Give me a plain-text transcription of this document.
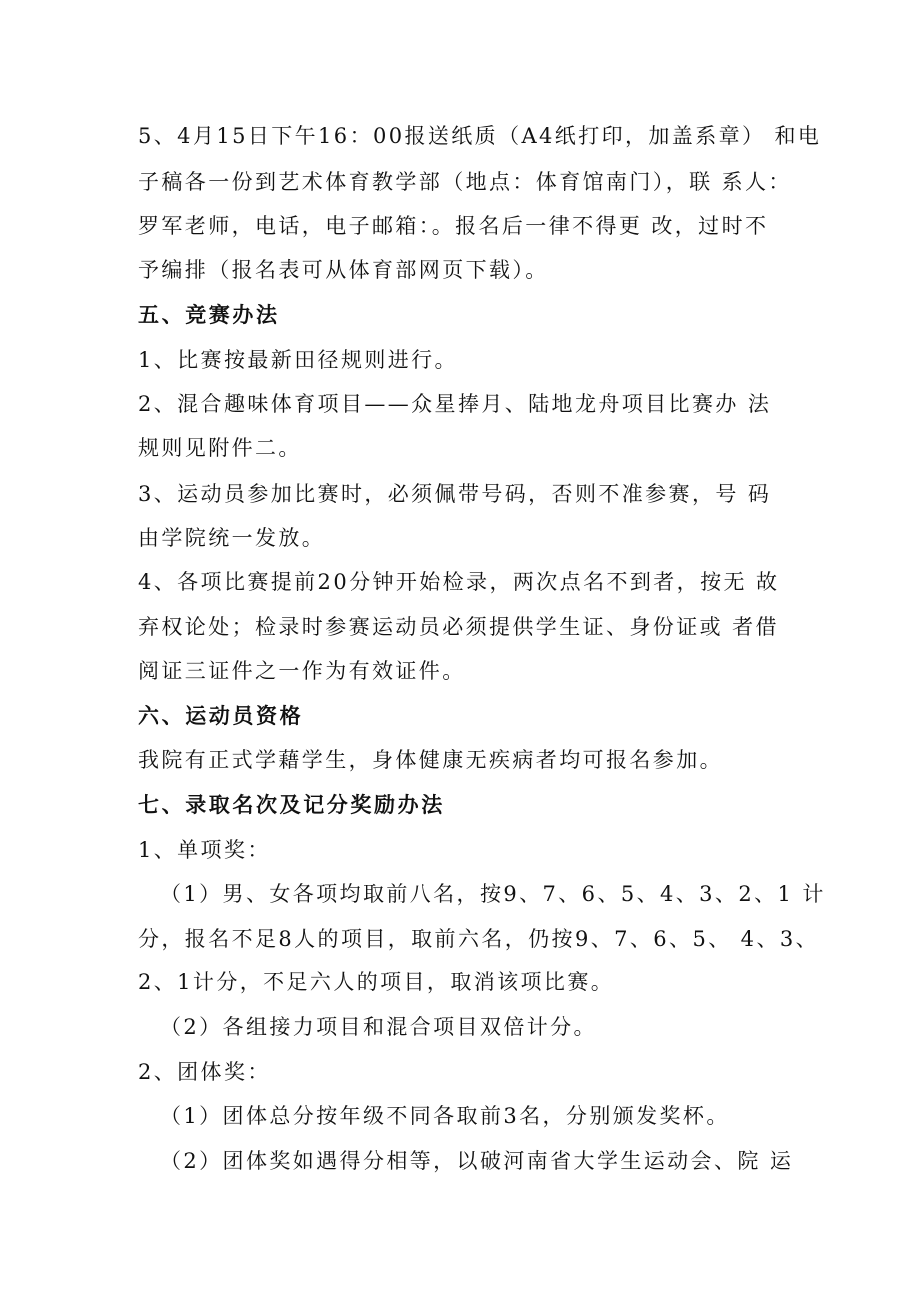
5、4月15日下午16：00报送纸质（A4纸打印，加盖系章） 和电
子稿各一份到艺术体育教学部（地点：体育馆南门），联 系人：
罗军老师，电话，电子邮箱：。报名后一律不得更 改，过时不
予编排（报名表可从体育部网页下载）。
五、竞赛办法
1、比赛按最新田径规则进行。
2、混合趣味体育项目——众星捧月、陆地龙舟项目比赛办 法
规则见附件二。
3、运动员参加比赛时，必须佩带号码，否则不准参赛，号 码
由学院统一发放。
4、各项比赛提前20分钟开始检录，两次点名不到者，按无 故
弃权论处；检录时参赛运动员必须提供学生证、身份证或 者借
阅证三证件之一作为有效证件。
六、运动员资格
我院有正式学藉学生，身体健康无疾病者均可报名参加。
七、录取名次及记分奖励办法
1、单项奖：
（1）男、女各项均取前八名，按9、7、6、5、4、3、2、1 计
分，报名不足8人的项目，取前六名，仍按9、7、6、5、 4、3、
2、1计分，不足六人的项目，取消该项比赛。
（2）各组接力项目和混合项目双倍计分。
2、团体奖：
（1）团体总分按年级不同各取前3名，分别颁发奖杯。
（2）团体奖如遇得分相等，以破河南省大学生运动会、院 运
